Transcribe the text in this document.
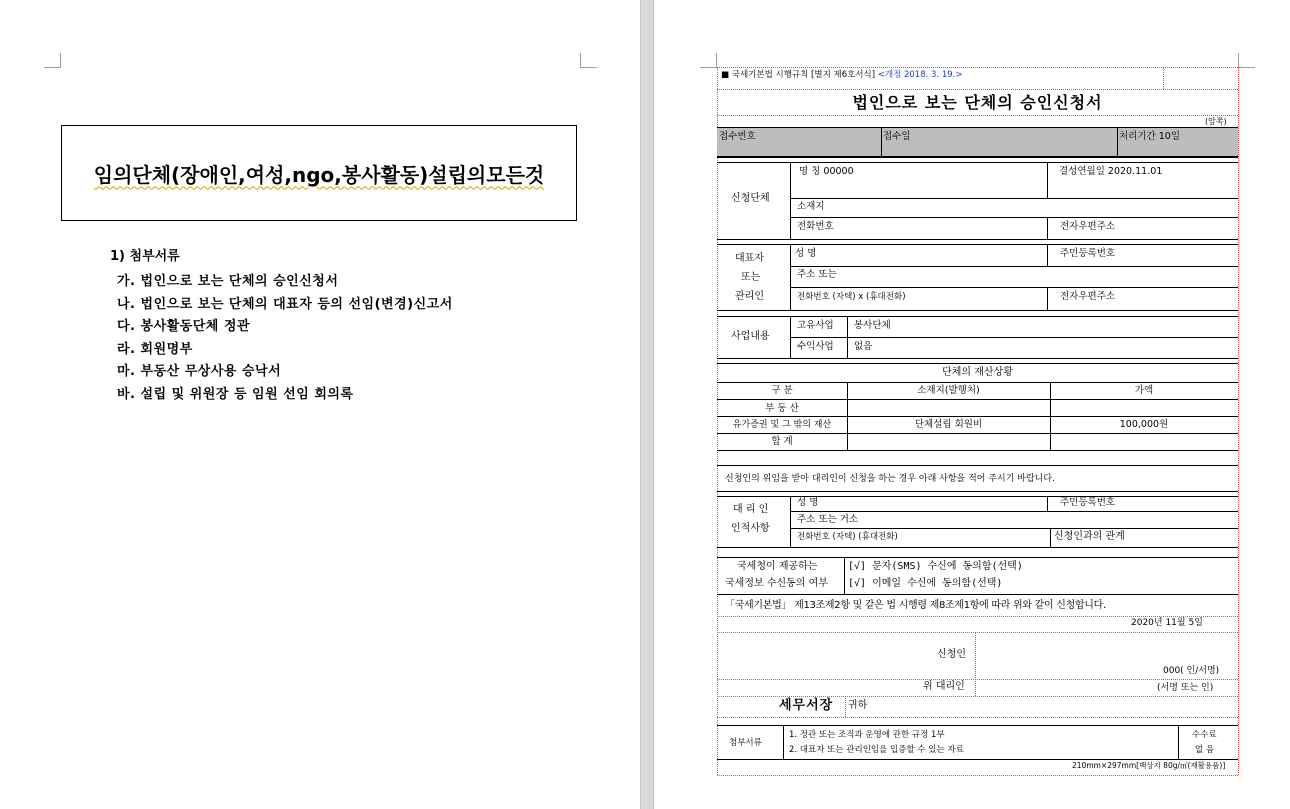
임의단체(장애인,여성,ngo,봉사활동)설립의모든것
1) 첨부서류
가. 법인으로 보는 단체의 승인신청서
나. 법인으로 보는 단체의 대표자 등의 선임(변경)신고서
다. 봉사활동단체 정관
라. 회원명부
마. 부동산 무상사용 승낙서
바. 설립 및 위원장 등 임원 선임 회의록
■ 국세기본법 시행규칙 [별지 제6호서식] <개정 2018. 3. 19.>
법인으로 보는 단체의 승인신청서
(앞쪽)
접수번호	접수일	처리기간 10일
신청단체
명 칭 00000	결성연월일 2020.11.01
소재지
전화번호	전자우편주소
대표자
또는
관리인
성 명	주민등록번호
주소 또는
전화번호 (자택) x (휴대전화)	전자우편주소
사업내용
고유사업 봉사단체
수익사업 없음
단체의 재산상황
구 분	소재지(발행처)	가액
부 동 산
유가증권 및 그 밖의 재산	단체설립 회원비	100,000원
합 계
신청인의 위임을 받아 대리인이 신청을 하는 경우 아래 사항을 적어 주시기 바랍니다.
대 리 인
인적사항
성 명	주민등록번호
주소 또는 거소
전화번호 (자택) (휴대전화)	신청인과의 관계
국세청이 제공하는
국세정보 수신동의 여부
[√] 문자(SMS) 수신에 동의함(선택)
[√] 이메일 수신에 동의함(선택)
「국세기본법」 제13조제2항 및 같은 법 시행령 제8조제1항에 따라 위와 같이 신청합니다.
2020년 11월 5일
신청인
000( 인/서명)
위 대리인	(서명 또는 인)
세무서장 귀하
첨부서류
1. 정관 또는 조직과 운영에 관한 규정 1부
2. 대표자 또는 관리인임을 입증할 수 있는 자료
수수료
없 음
210mm×297mm[백상지 80g/㎡(재활용품)]
